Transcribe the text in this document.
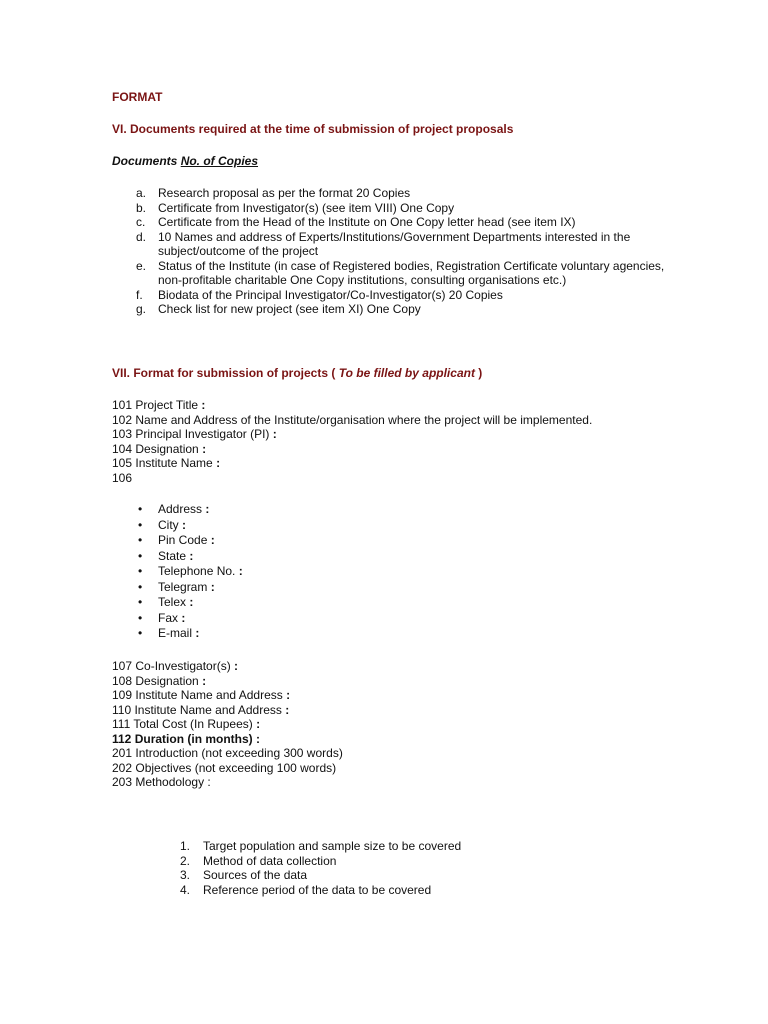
FORMAT
VI. Documents required at the time of submission of project proposals
Documents No. of Copies
a. Research proposal as per the format 20 Copies
b. Certificate from Investigator(s) (see item VIII) One Copy
c. Certificate from the Head of the Institute on One Copy letter head (see item IX)
d. 10 Names and address of Experts/Institutions/Government Departments interested in the subject/outcome of the project
e. Status of the Institute (in case of Registered bodies, Registration Certificate voluntary agencies, non-profitable charitable One Copy institutions, consulting organisations etc.)
f. Biodata of the Principal Investigator/Co-Investigator(s) 20 Copies
g. Check list for new project (see item XI) One Copy
VII. Format for submission of projects ( To be filled by applicant )
101 Project Title :
102 Name and Address of the Institute/organisation where the project will be implemented.
103 Principal Investigator (PI) :
104 Designation :
105 Institute Name :
106
• Address :
• City :
• Pin Code :
• State :
• Telephone No. :
• Telegram :
• Telex :
• Fax :
• E-mail :
107 Co-Investigator(s) :
108 Designation :
109 Institute Name and Address :
110 Institute Name and Address :
111 Total Cost (In Rupees) :
112 Duration (in months) :
201 Introduction (not exceeding 300 words)
202 Objectives (not exceeding 100 words)
203 Methodology :
1. Target population and sample size to be covered
2. Method of data collection
3. Sources of the data
4. Reference period of the data to be covered
